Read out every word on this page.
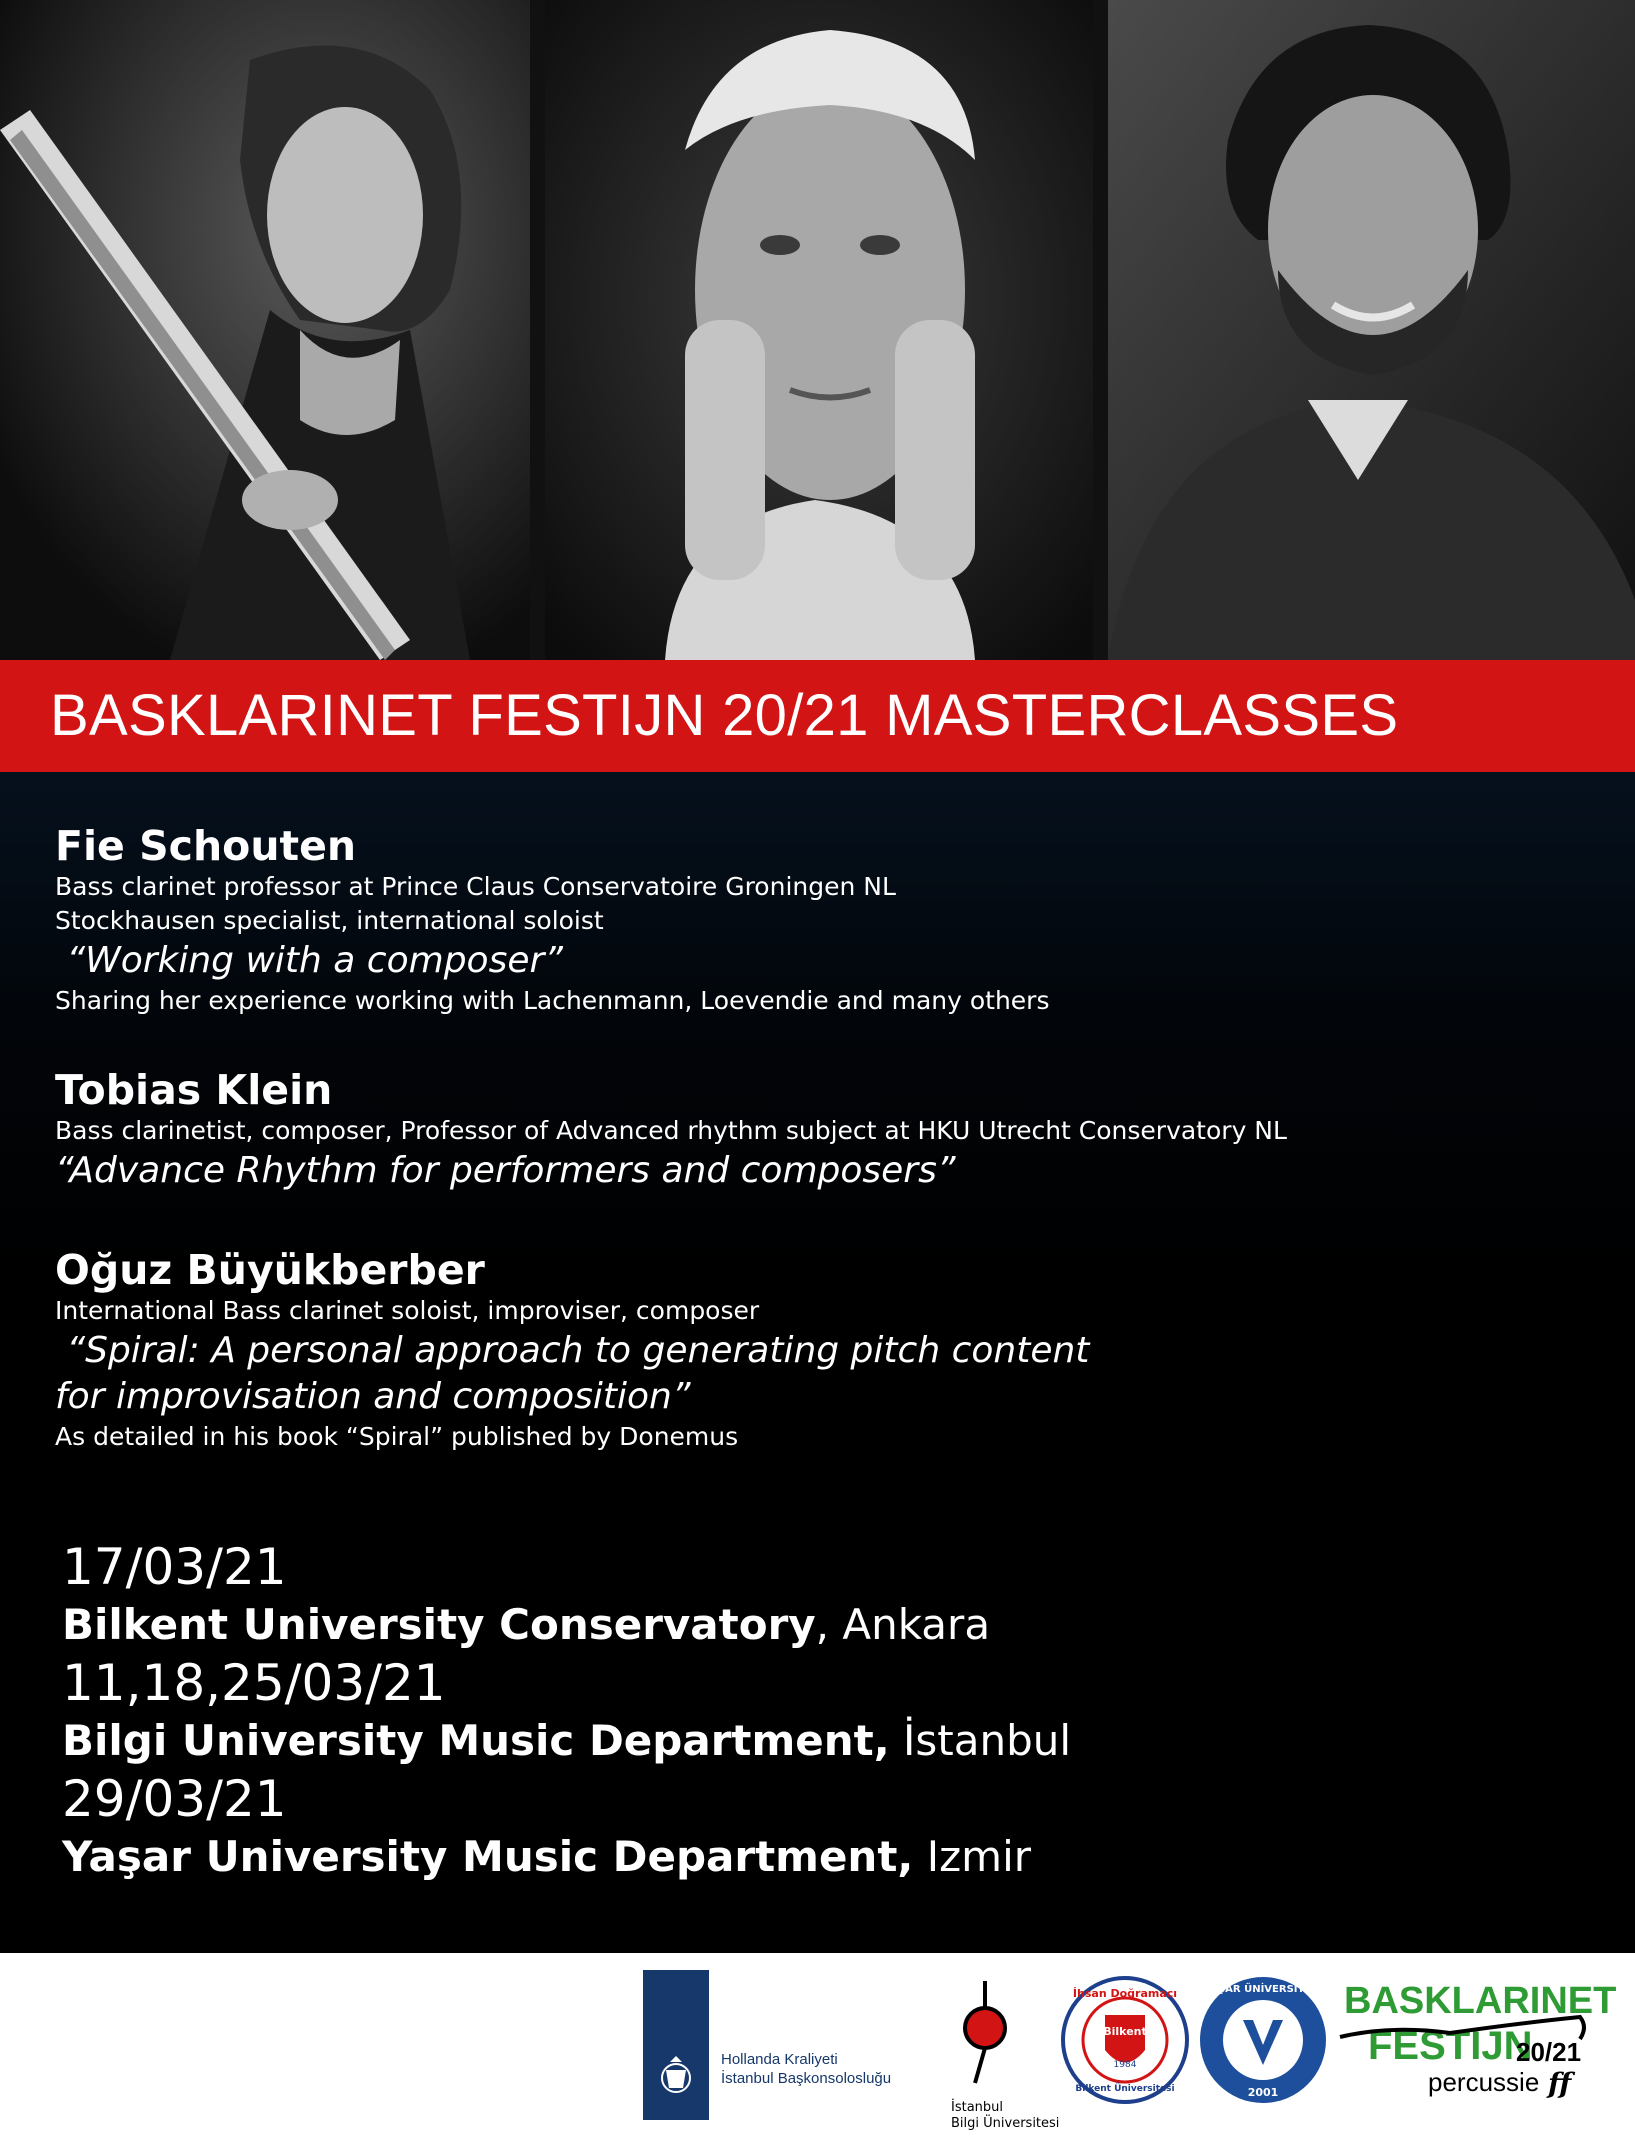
BASKLARINET FESTIJN 20/21 MASTERCLASSES
Fie Schouten
Bass clarinet professor at Prince Claus Conservatoire Groningen NL
Stockhausen specialist, international soloist
“Working with a composer”
Sharing her experience working with Lachenmann, Loevendie and many others
Tobias Klein
Bass clarinetist, composer, Professor of Advanced rhythm subject at HKU Utrecht Conservatory NL
“Advance Rhythm for performers and composers”
Oğuz Büyükberber
International Bass clarinet soloist, improviser, composer
“Spiral: A personal approach to generating pitch content
for improvisation and composition”
As detailed in his book “Spiral” published by Donemus
17/03/21
Bilkent University Conservatory, Ankara
11,18,25/03/21
Bilgi University Music Department, İstanbul
29/03/21
Yaşar University Music Department, Izmir
Hollanda Kraliyeti
İstanbul Başkonsolosluğu
İstanbul
Bilgi Üniversitesi
İhsan Doğramacı
Bilkent
1984
Bilkent Üniversitesi
YAŞAR ÜNİVERSİTESİ
2001
BASKLARINET
FESTIJN
20/21
percussie ff
